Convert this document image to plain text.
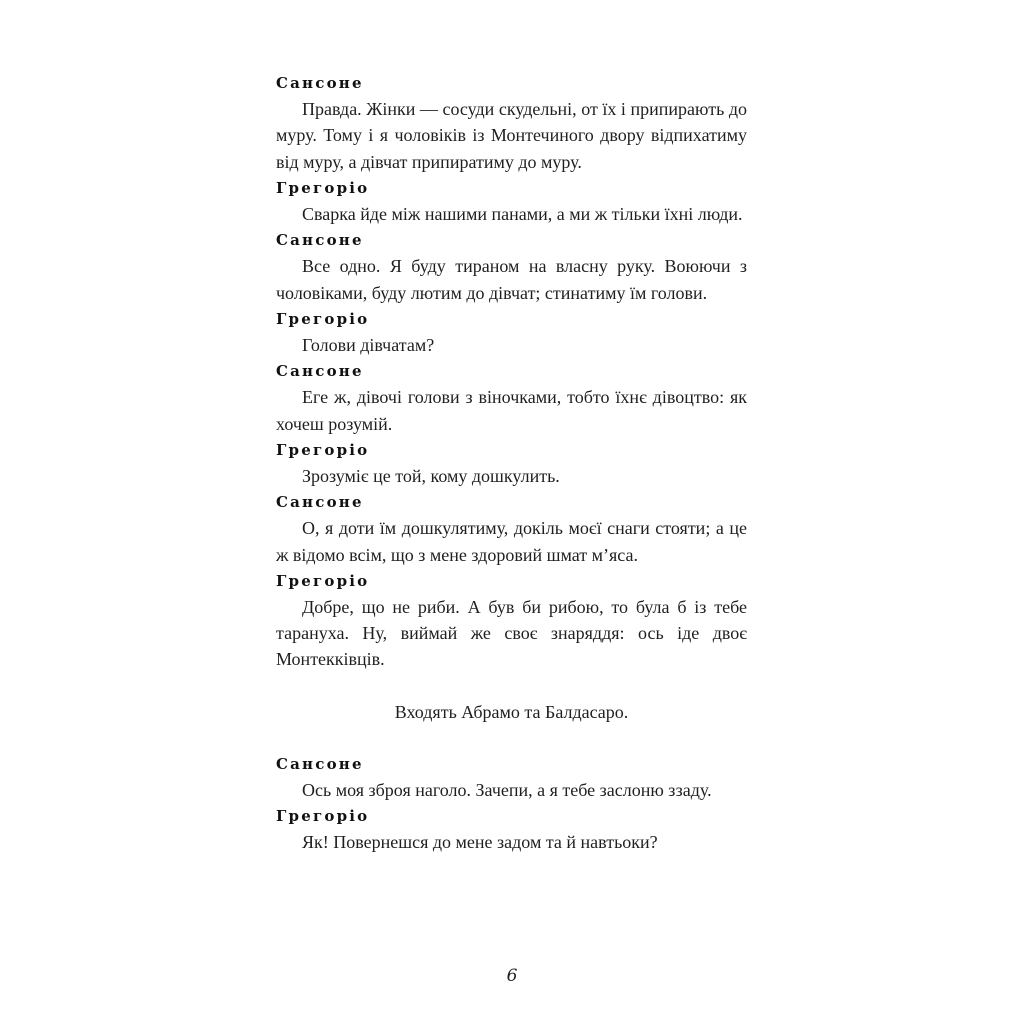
Сансоне

Правда. Жінки — сосуди скудельні, от їх і припирають до муру. Тому і я чоловіків із Монтечиного двору відпихатиму від муру, а дівчат припиратиму до муру.

Грегоріо

Сварка йде між нашими панами, а ми ж тільки їхні люди.

Сансоне

Все одно. Я буду тираном на власну руку. Воюючи з чоловіками, буду лютим до дівчат; стинатиму їм голови.

Грегоріо

Голови дівчатам?

Сансоне

Еге ж, дівочі голови з віночками, тобто їхнє дівоцтво: як хочеш розумій.

Грегоріо

Зрозуміє це той, кому дошкулить.

Сансоне

О, я доти їм дошкулятиму, докіль моєї снаги стояти; а це ж відомо всім, що з мене здоровий шмат м’яса.

Грегоріо

Добре, що не риби. А був би рибою, то була б із тебе тарануха. Ну, виймай же своє знаряддя: ось іде двоє Монтекківців.

Входять Абрамо та Балдасаро.
Сансоне

Ось моя зброя наголо. Зачепи, а я тебе заслоню ззаду.

Грегоріо

Як! Повернешся до мене задом та й навтьоки?

6
